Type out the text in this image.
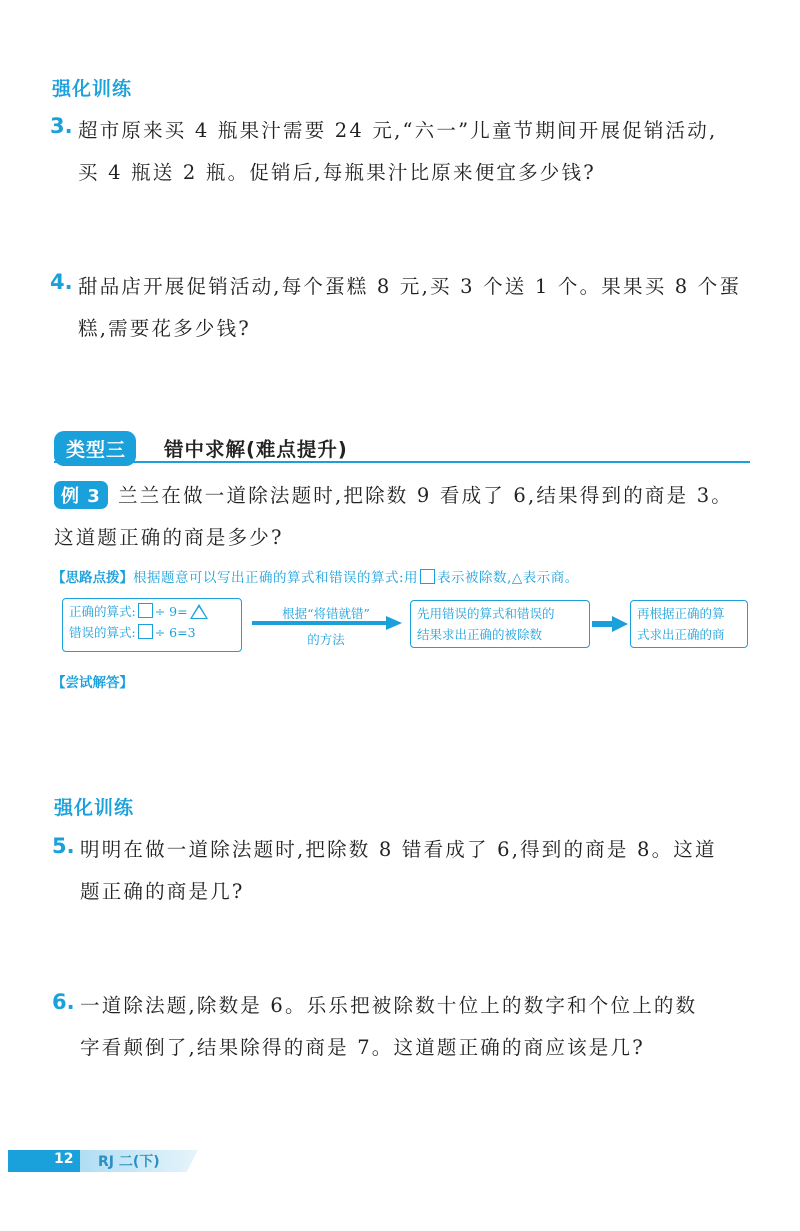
强化训练
3. 超市原来买 4 瓶果汁需要 24 元,“六一”儿童节期间开展促销活动,
买 4 瓶送 2 瓶。促销后,每瓶果汁比原来便宜多少钱?
4. 甜品店开展促销活动,每个蛋糕 8 元,买 3 个送 1 个。果果买 8 个蛋
糕,需要花多少钱?
类型三	错中求解(难点提升)
例 3 兰兰在做一道除法题时,把除数 9 看成了 6,结果得到的商是 3。
这道题正确的商是多少?
【思路点拨】根据题意可以写出正确的算式和错误的算式:用 表示被除数,△表示商。
正确的算式: ÷ 9=
错误的算式: ÷ 6=3
根据“将错就错”
的方法
先用错误的算式和错误的
结果求出正确的被除数
再根据正确的算
式求出正确的商
【尝试解答】
强化训练
5. 明明在做一道除法题时,把除数 8 错看成了 6,得到的商是 8。这道
题正确的商是几?
6. 一道除法题,除数是 6。乐乐把被除数十位上的数字和个位上的数
字看颠倒了,结果除得的商是 7。这道题正确的商应该是几?
12 RJ 二(下)
